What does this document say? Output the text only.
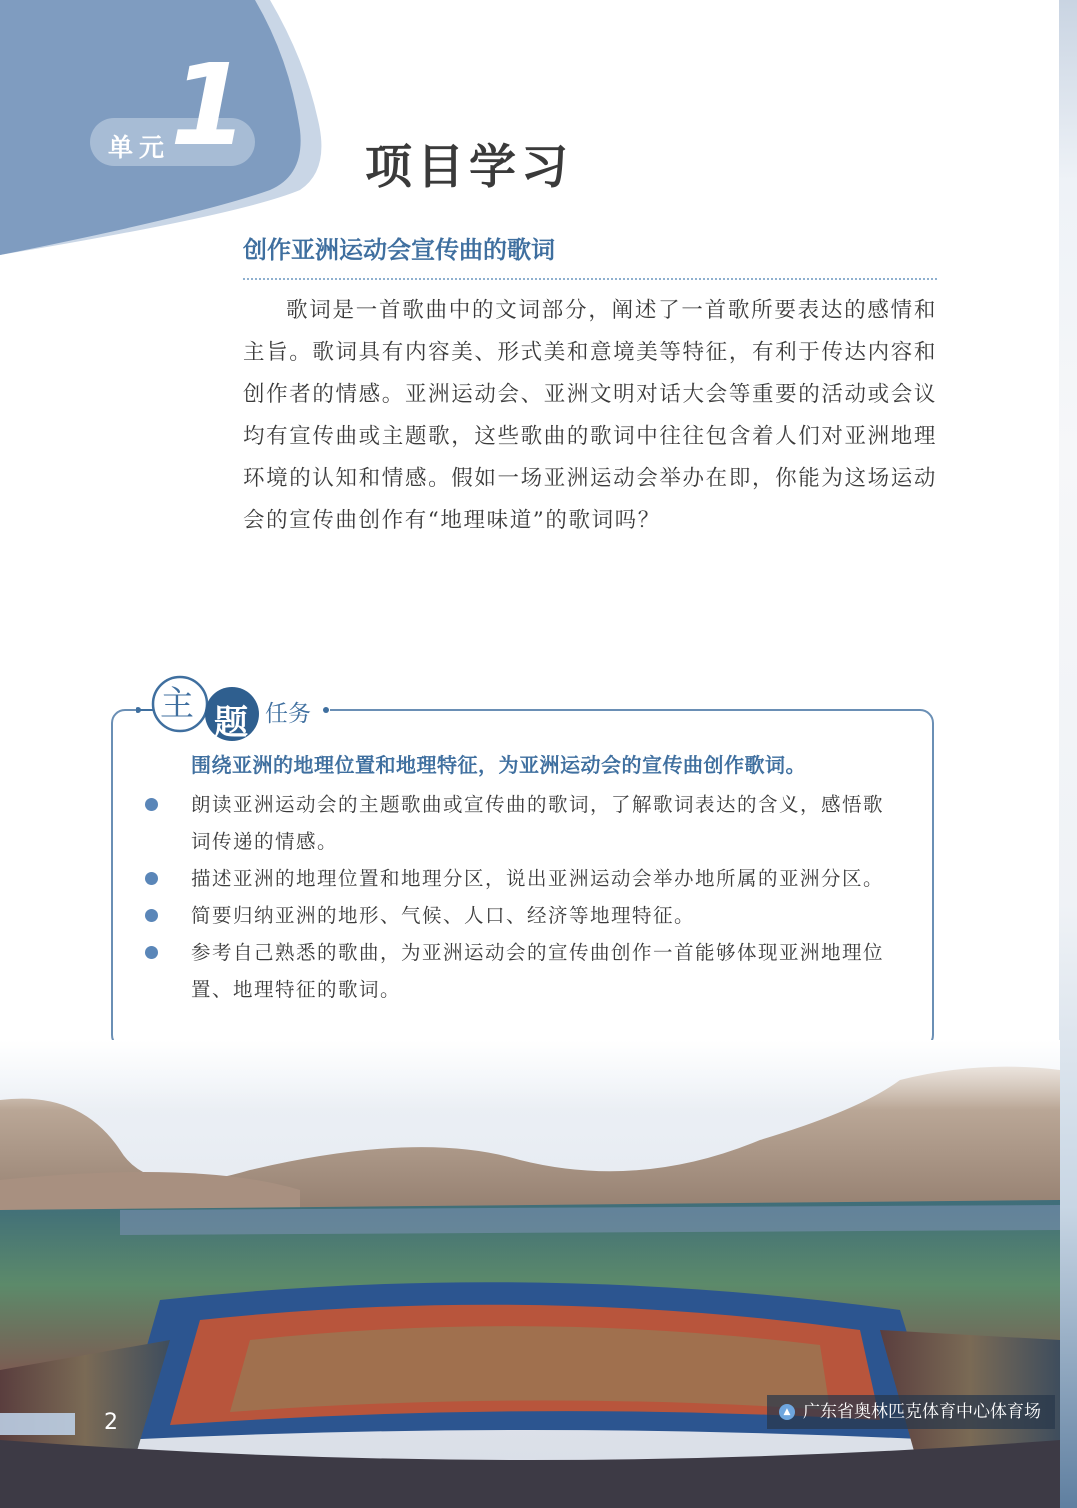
单元 1 项目学习
创作亚洲运动会宣传曲的歌词

歌词是一首歌曲中的文词部分，阐述了一首歌所要表达的感情和主旨。歌词具有内容美、形式美和意境美等特征，有利于传达内容和创作者的情感。亚洲运动会、亚洲文明对话大会等重要的活动或会议均有宣传曲或主题歌，这些歌曲的歌词中往往包含着人们对亚洲地理环境的认知和情感。假如一场亚洲运动会举办在即，你能为这场运动会的宣传曲创作有“地理味道”的歌词吗？

主 题 任务
围绕亚洲的地理位置和地理特征，为亚洲运动会的宣传曲创作歌词。
朗读亚洲运动会的主题歌曲或宣传曲的歌词，了解歌词表达的含义，感悟歌词传递的情感。
描述亚洲的地理位置和地理分区，说出亚洲运动会举办地所属的亚洲分区。
简要归纳亚洲的地形、气候、人口、经济等地理特征。
参考自己熟悉的歌曲，为亚洲运动会的宣传曲创作一首能够体现亚洲地理位置、地理特征的歌词。
▲ 广东省奥林匹克体育中心体育场
2
